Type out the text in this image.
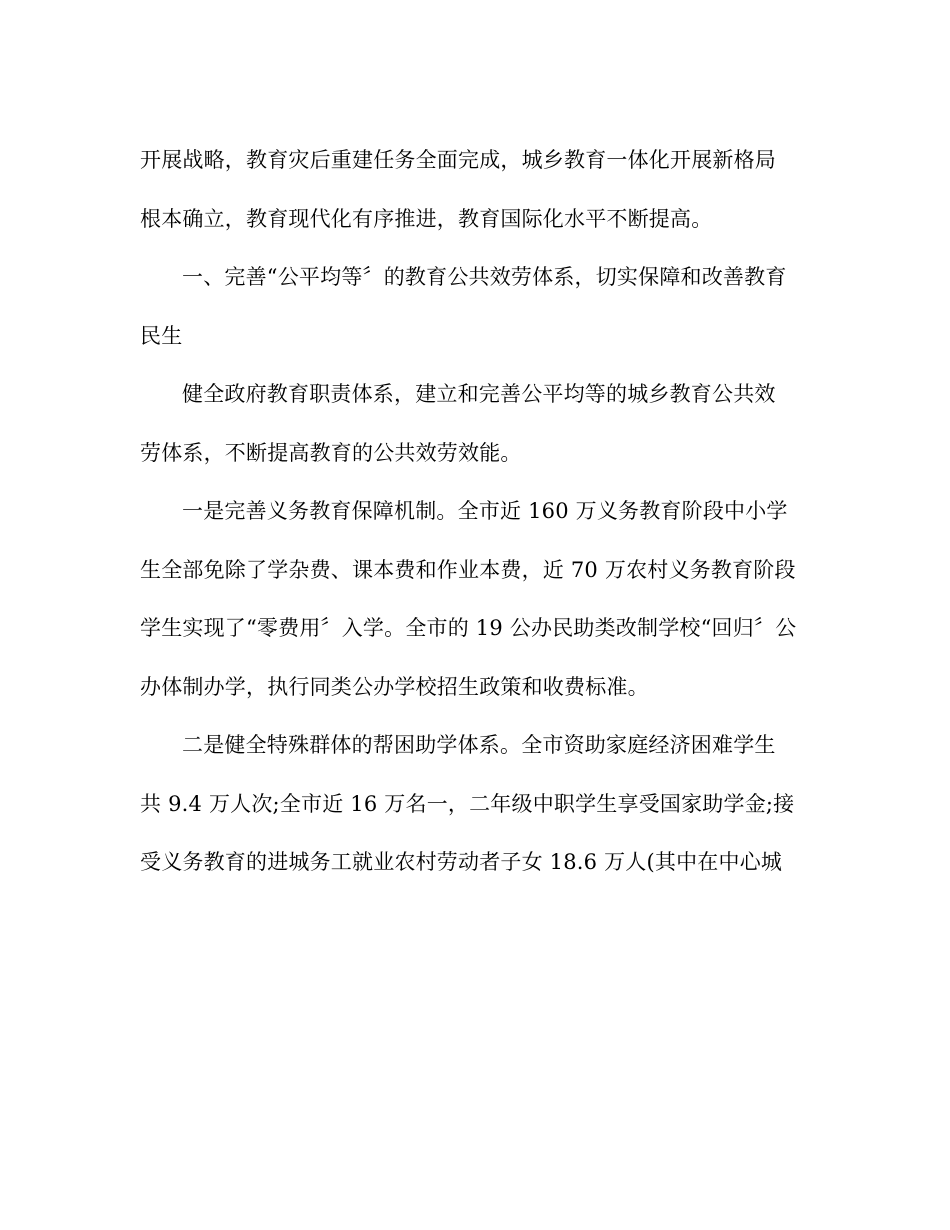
开展战略，教育灾后重建任务全面完成，城乡教育一体化开展新格局
根本确立，教育现代化有序推进，教育国际化水平不断提高。
一、完善“公平均等〞的教育公共效劳体系，切实保障和改善教育
民生
健全政府教育职责体系，建立和完善公平均等的城乡教育公共效
劳体系，不断提高教育的公共效劳效能。
一是完善义务教育保障机制。全市近 160 万义务教育阶段中小学
生全部免除了学杂费、课本费和作业本费，近 70 万农村义务教育阶段
学生实现了“零费用〞入学。全市的 19 公办民助类改制学校“回归〞公
办体制办学，执行同类公办学校招生政策和收费标准。
二是健全特殊群体的帮困助学体系。全市资助家庭经济困难学生
共 9.4 万人次;全市近 16 万名一，二年级中职学生享受国家助学金;接
受义务教育的进城务工就业农村劳动者子女 18.6 万人(其中在中心城
